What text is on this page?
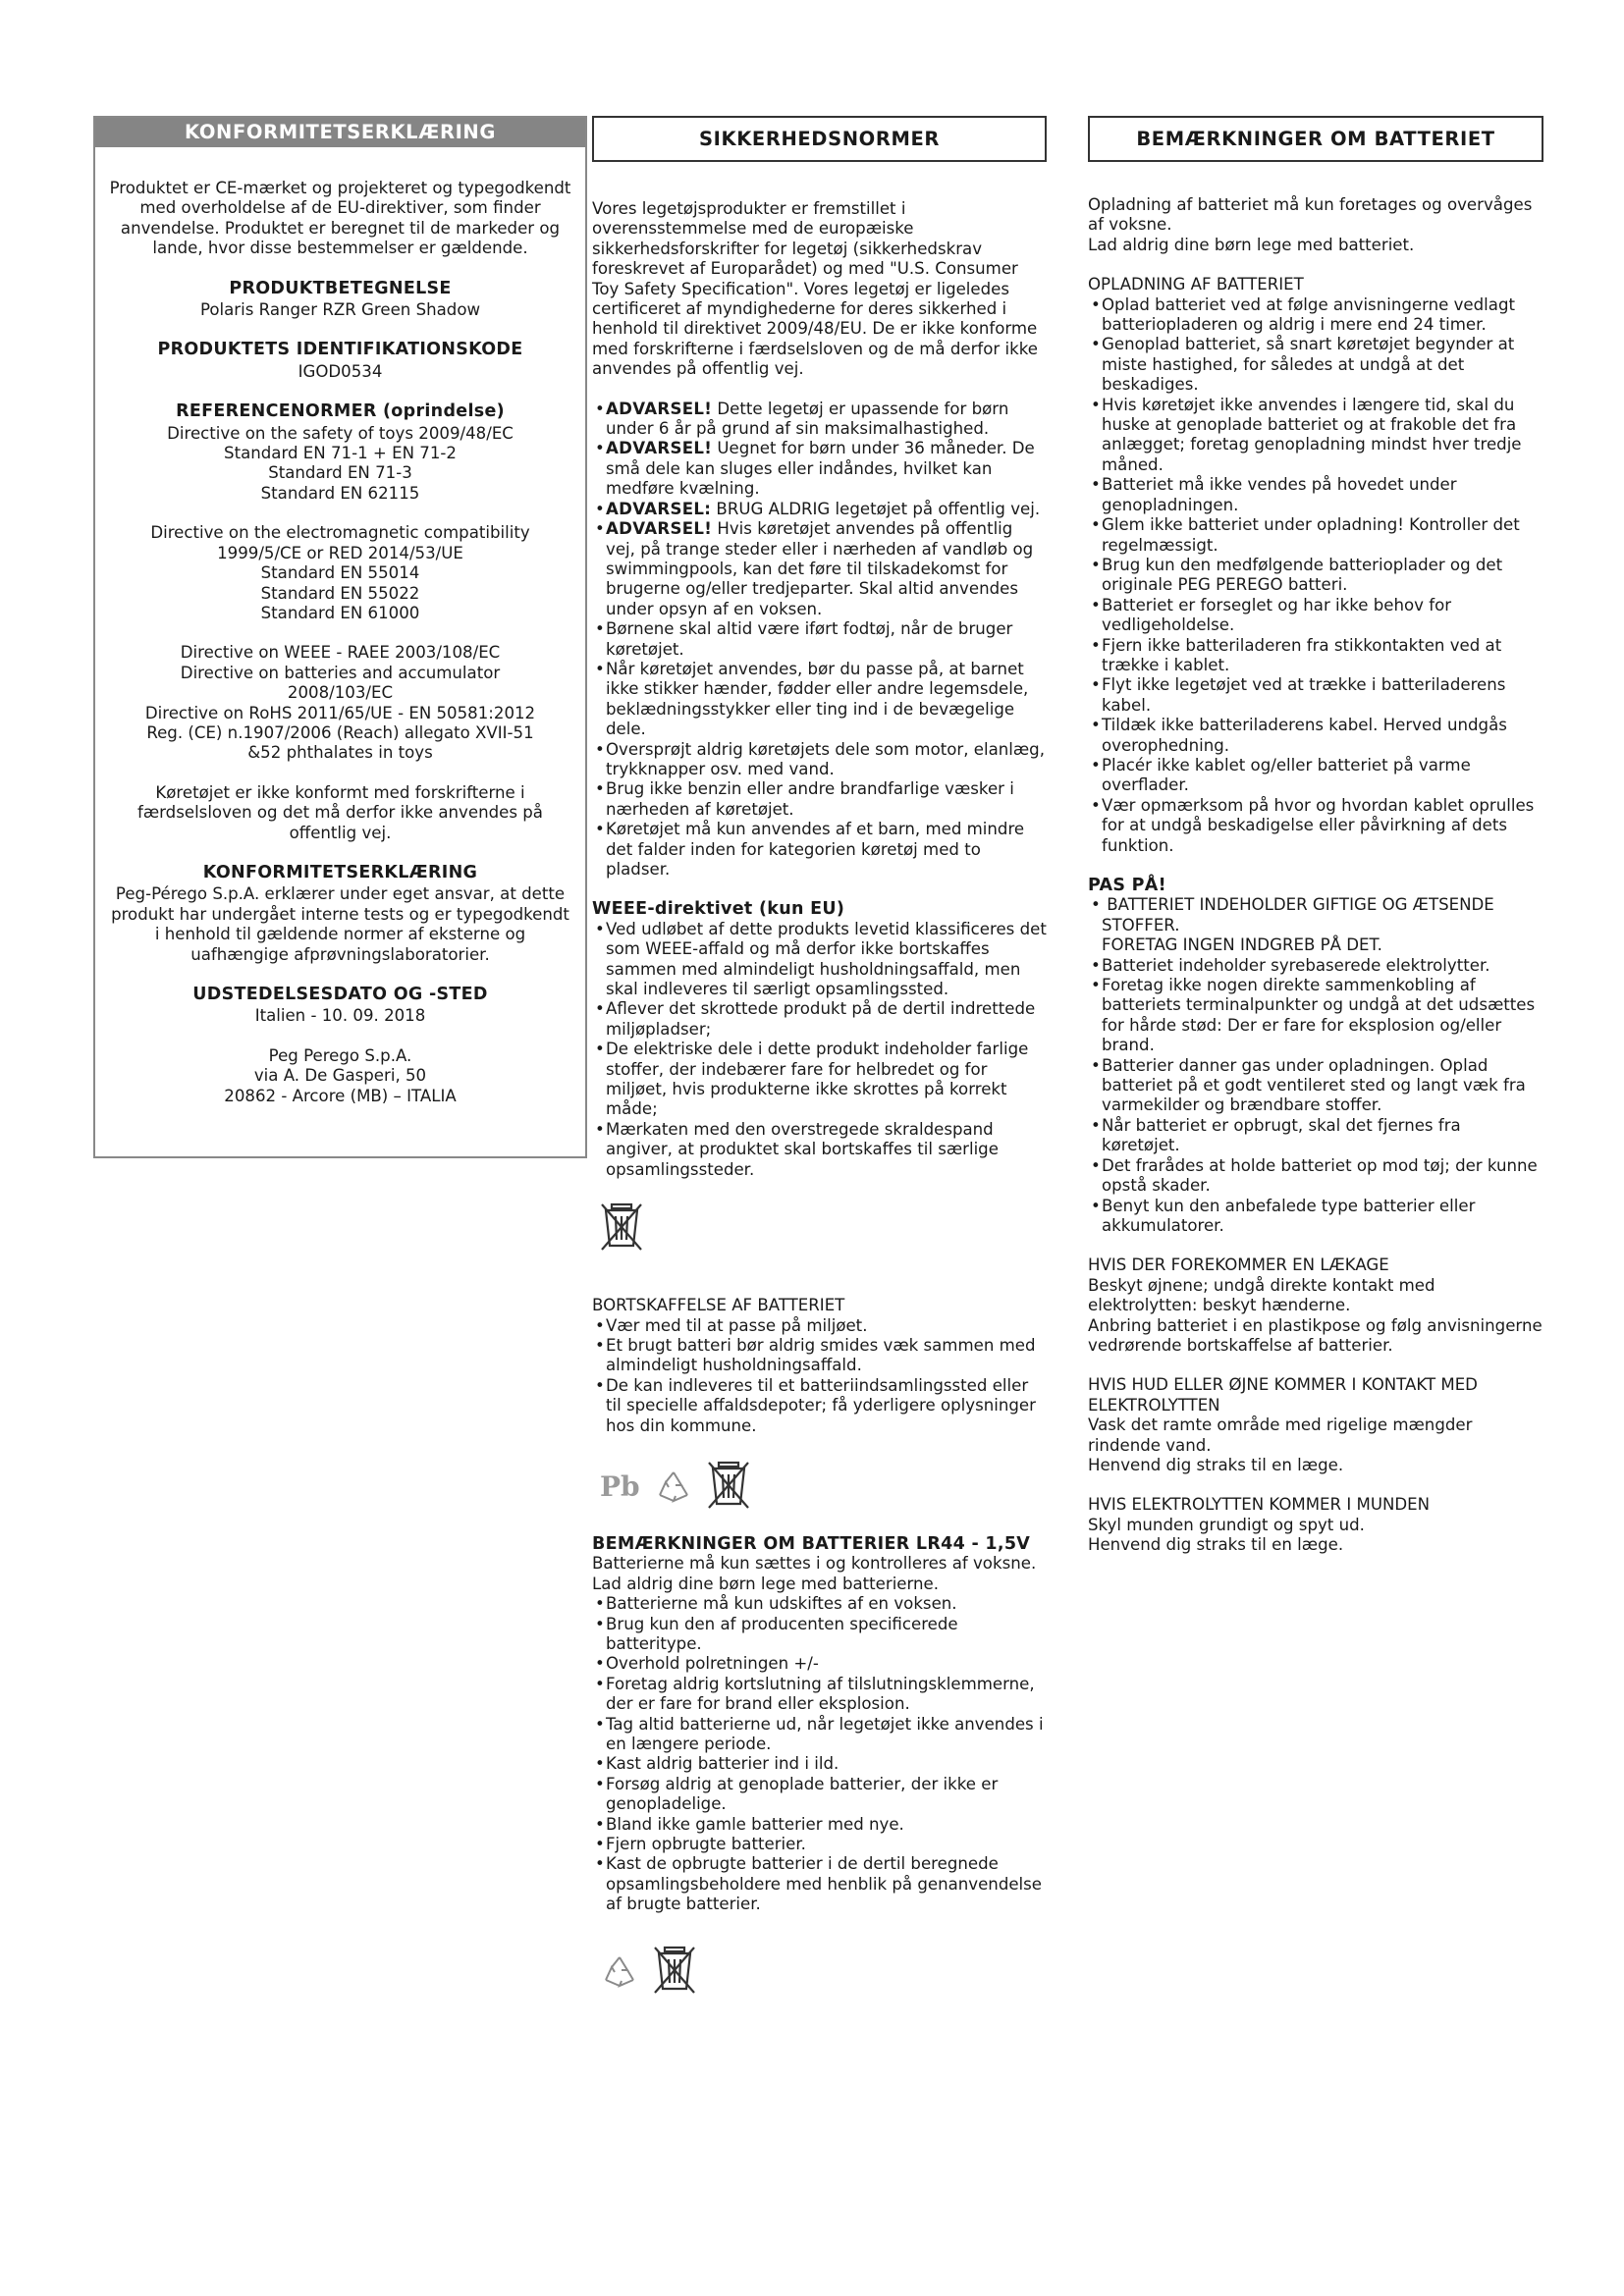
KONFORMITETSERKLÆRING
Produktet er CE-mærket og projekteret og typegodkendt med overholdelse af de EU-direktiver, som finder anvendelse. Produktet er beregnet til de markeder og lande, hvor disse bestemmelser er gældende.
PRODUKTBETEGNELSE
Polaris Ranger RZR Green Shadow
PRODUKTETS IDENTIFIKATIONSKODE
IGOD0534
REFERENCENORMER (oprindelse)
Directive on the safety of toys 2009/48/EC
Standard EN 71-1 + EN 71-2
Standard EN 71-3
Standard EN 62115
Directive on the electromagnetic compatibility
1999/5/CE or RED 2014/53/UE
Standard EN 55014
Standard EN 55022
Standard EN 61000
Directive on WEEE - RAEE 2003/108/EC
Directive on batteries and accumulator
2008/103/EC
Directive on RoHS 2011/65/UE - EN 50581:2012
Reg. (CE) n.1907/2006 (Reach) allegato XVII-51
&52 phthalates in toys
Køretøjet er ikke konformt med forskrifterne i færdselsloven og det må derfor ikke anvendes på offentlig vej.
KONFORMITETSERKLÆRING
Peg-Pérego S.p.A. erklærer under eget ansvar, at dette produkt har undergået interne tests og er typegodkendt i henhold til gældende normer af eksterne og uafhængige afprøvningslaboratorier.
UDSTEDELSESDATO OG -STED
Italien - 10. 09. 2018
Peg Perego S.p.A.
via A. De Gasperi, 50
20862 - Arcore (MB) – ITALIA
SIKKERHEDSNORMER

Vores legetøjsprodukter er fremstillet i overensstemmelse med de europæiske sikkerhedsforskrifter for legetøj (sikkerhedskrav foreskrevet af Europarådet) og med "U.S. Consumer Toy Safety Specification". Vores legetøj er ligeledes certificeret af myndighederne for deres sikkerhed i henhold til direktivet 2009/48/EU. De er ikke konforme med forskrifterne i færdselsloven og de må derfor ikke anvendes på offentlig vej.

• ADVARSEL! Dette legetøj er upassende for børn under 6 år på grund af sin maksimalhastighed.
• ADVARSEL! Uegnet for børn under 36 måneder. De små dele kan sluges eller indåndes, hvilket kan medføre kvælning.
• ADVARSEL: BRUG ALDRIG legetøjet på offentlig vej.
• ADVARSEL! Hvis køretøjet anvendes på offentlig vej, på trange steder eller i nærheden af vandløb og swimmingpools, kan det føre til tilskadekomst for brugerne og/eller tredjeparter. Skal altid anvendes under opsyn af en voksen.
• Børnene skal altid være iført fodtøj, når de bruger køretøjet.
• Når køretøjet anvendes, bør du passe på, at barnet ikke stikker hænder, fødder eller andre legemsdele, beklædningsstykker eller ting ind i de bevægelige dele.
• Oversprøjt aldrig køretøjets dele som motor, elanlæg, trykknapper osv. med vand.
• Brug ikke benzin eller andre brandfarlige væsker i nærheden af køretøjet.
• Køretøjet må kun anvendes af et barn, med mindre det falder inden for kategorien køretøj med to pladser.
WEEE-direktivet (kun EU)
• Ved udløbet af dette produkts levetid klassificeres det som WEEE-affald og må derfor ikke bortskaffes sammen med almindeligt husholdningsaffald, men skal indleveres til særligt opsamlingssted.
• Aflever det skrottede produkt på de dertil indrettede miljøpladser;
• De elektriske dele i dette produkt indeholder farlige stoffer, der indebærer fare for helbredet og for miljøet, hvis produkterne ikke skrottes på korrekt måde;
• Mærkaten med den overstregede skraldespand angiver, at produktet skal bortskaffes til særlige opsamlingssteder.
BORTSKAFFELSE AF BATTERIET
• Vær med til at passe på miljøet.
• Et brugt batteri bør aldrig smides væk sammen med almindeligt husholdningsaffald.
• De kan indleveres til et batteriindsamlingssted eller til specielle affaldsdepoter; få yderligere oplysninger hos din kommune.
Pb
BEMÆRKNINGER OM BATTERIER LR44 - 1,5V

Batterierne må kun sættes i og kontrolleres af voksne. Lad aldrig dine børn lege med batterierne.

• Batterierne må kun udskiftes af en voksen.
• Brug kun den af producenten specificerede batteritype.
• Overhold polretningen +/-
• Foretag aldrig kortslutning af tilslutningsklemmerne, der er fare for brand eller eksplosion.
• Tag altid batterierne ud, når legetøjet ikke anvendes i en længere periode.
• Kast aldrig batterier ind i ild.
• Forsøg aldrig at genoplade batterier, der ikke er genopladelige.
• Bland ikke gamle batterier med nye.
• Fjern opbrugte batterier.
• Kast de opbrugte batterier i de dertil beregnede opsamlingsbeholdere med henblik på genanvendelse af brugte batterier.
BEMÆRKNINGER OM BATTERIET

Opladning af batteriet må kun foretages og overvåges af voksne.

Lad aldrig dine børn lege med batteriet.

OPLADNING AF BATTERIET
• Oplad batteriet ved at følge anvisningerne vedlagt batteriopladeren og aldrig i mere end 24 timer.
• Genoplad batteriet, så snart køretøjet begynder at miste hastighed, for således at undgå at det beskadiges.
• Hvis køretøjet ikke anvendes i længere tid, skal du huske at genoplade batteriet og at frakoble det fra anlægget; foretag genopladning mindst hver tredje måned.
• Batteriet må ikke vendes på hovedet under genopladningen.
• Glem ikke batteriet under opladning! Kontroller det regelmæssigt.
• Brug kun den medfølgende batterioplader og det originale PEG PEREGO batteri.
• Batteriet er forseglet og har ikke behov for vedligeholdelse.
• Fjern ikke batteriladeren fra stikkontakten ved at trække i kablet.
• Flyt ikke legetøjet ved at trække i batteriladerens kabel.
• Tildæk ikke batteriladerens kabel. Herved undgås overophedning.
• Placér ikke kablet og/eller batteriet på varme overflader.
• Vær opmærksom på hvor og hvordan kablet oprulles for at undgå beskadigelse eller påvirkning af dets funktion.
PAS PÅ!
• BATTERIET INDEHOLDER GIFTIGE OG ÆTSENDE STOFFER.
FORETAG INGEN INDGREB PÅ DET.
• Batteriet indeholder syrebaserede elektrolytter.
• Foretag ikke nogen direkte sammenkobling af batteriets terminalpunkter og undgå at det udsættes for hårde stød: Der er fare for eksplosion og/eller brand.
• Batterier danner gas under opladningen. Oplad batteriet på et godt ventileret sted og langt væk fra varmekilder og brændbare stoffer.
• Når batteriet er opbrugt, skal det fjernes fra køretøjet.
• Det frarådes at holde batteriet op mod tøj; der kunne opstå skader.
• Benyt kun den anbefalede type batterier eller akkumulatorer.
HVIS DER FOREKOMMER EN LÆKAGE

Beskyt øjnene; undgå direkte kontakt med elektrolytten: beskyt hænderne.

Anbring batteriet i en plastikpose og følg anvisningerne vedrørende bortskaffelse af batterier.

HVIS HUD ELLER ØJNE KOMMER I KONTAKT MED ELEKTROLYTTEN

Vask det ramte område med rigelige mængder rindende vand.

Henvend dig straks til en læge.

HVIS ELEKTROLYTTEN KOMMER I MUNDEN

Skyl munden grundigt og spyt ud.

Henvend dig straks til en læge.
